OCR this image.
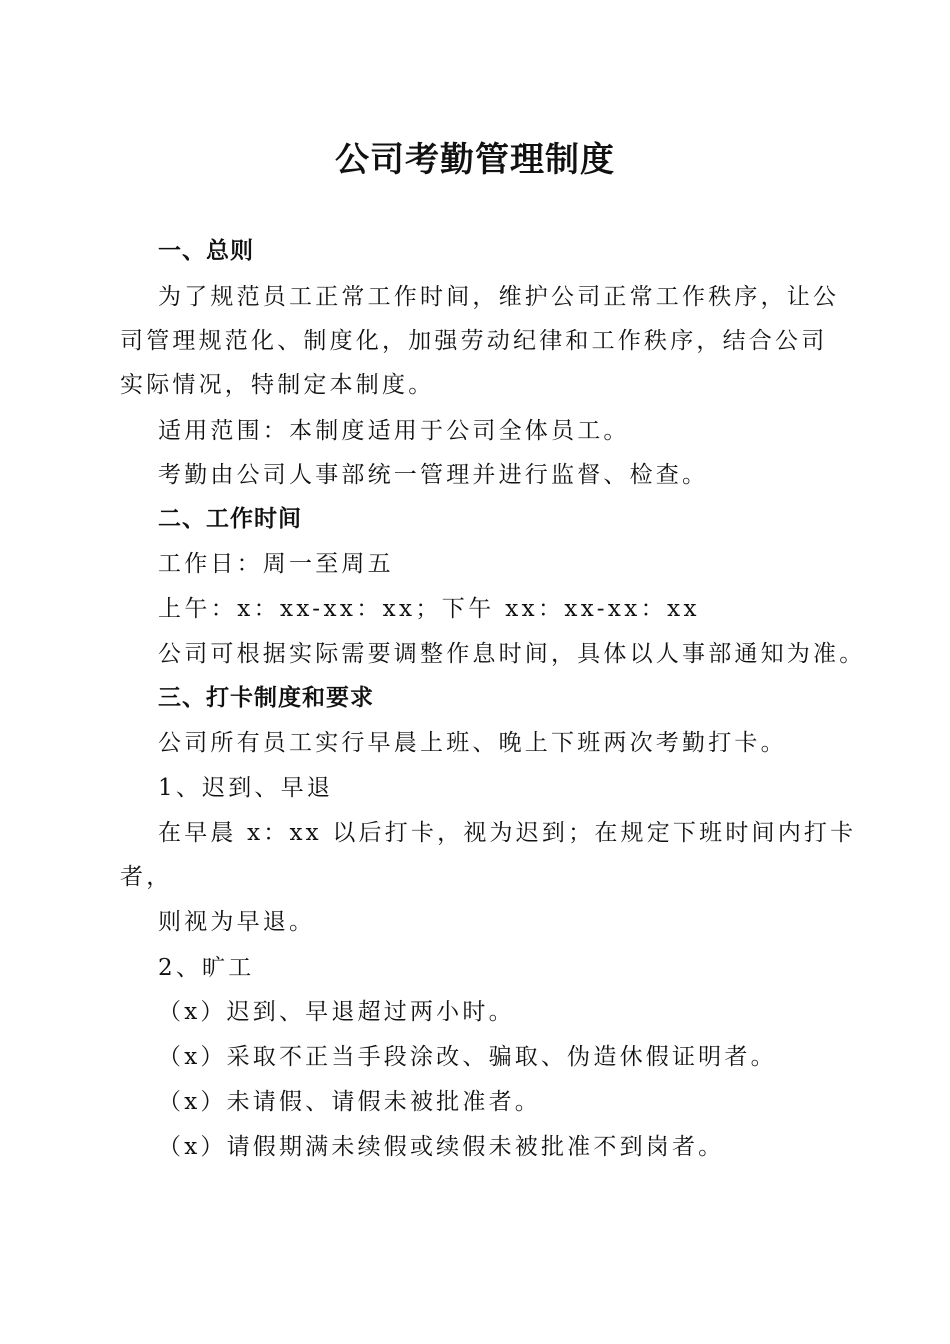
公司考勤管理制度
一、总则
为了规范员工正常工作时间，维护公司正常工作秩序，让公
司管理规范化、制度化，加强劳动纪律和工作秩序，结合公司
实际情况，特制定本制度。
适用范围：本制度适用于公司全体员工。
考勤由公司人事部统一管理并进行监督、检查。
二、工作时间
工作日：周一至周五
上午：x：xx-xx：xx；下午 xx：xx-xx：xx
公司可根据实际需要调整作息时间，具体以人事部通知为准。
三、打卡制度和要求
公司所有员工实行早晨上班、晚上下班两次考勤打卡。
1、迟到、早退
在早晨 x：xx 以后打卡，视为迟到；在规定下班时间内打卡
者，
则视为早退。
2、旷工
（x）迟到、早退超过两小时。
（x）采取不正当手段涂改、骗取、伪造休假证明者。
（x）未请假、请假未被批准者。
（x）请假期满未续假或续假未被批准不到岗者。
